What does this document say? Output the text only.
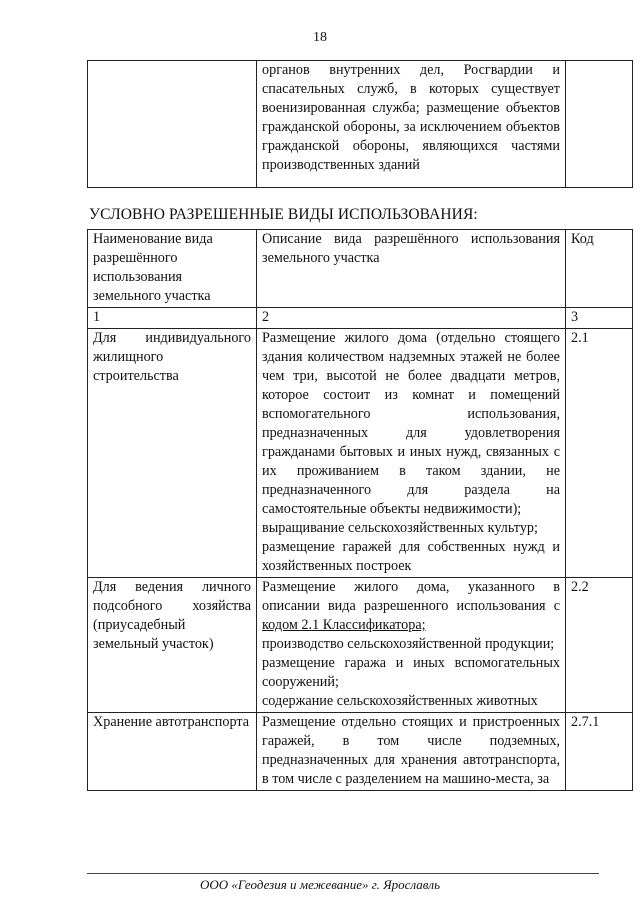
18
	органов внутренних дел, Росгвардии и спасательных служб, в которых существует военизированная служба; размещение объектов гражданской обороны, за исключением объектов гражданской обороны, являющихся частями производственных зданий	
УСЛОВНО РАЗРЕШЕННЫЕ ВИДЫ ИСПОЛЬЗОВАНИЯ:
Наименование вида разрешённого использования земельного участка	Описание вида разрешённого использования земельного участка	Код
1	2	3
Для индивидуального жилищного строительства	Размещение жилого дома (отдельно стоящего здания количеством надземных этажей не более чем три, высотой не более двадцати метров, которое состоит из комнат и помещений вспомогательного использования, предназначенных для удовлетворения гражданами бытовых и иных нужд, связанных с их проживанием в таком здании, не предназначенного для раздела на самостоятельные объекты недвижимости);
выращивание сельскохозяйственных культур;
размещение гаражей для собственных нужд и хозяйственных построек	2.1
Для ведения личного подсобного хозяйства (приусадебный земельный участок)	Размещение жилого дома, указанного в описании вида разрешенного использования с кодом 2.1 Классификатора;
производство сельскохозяйственной продукции;
размещение гаража и иных вспомогательных сооружений;
содержание сельскохозяйственных животных	2.2
Хранение автотранспорта	Размещение отдельно стоящих и пристроенных гаражей, в том числе подземных, предназначенных для хранения автотранспорта, в том числе с разделением на машино-места, за	2.7.1
ООО «Геодезия и межевание» г. Ярославль
